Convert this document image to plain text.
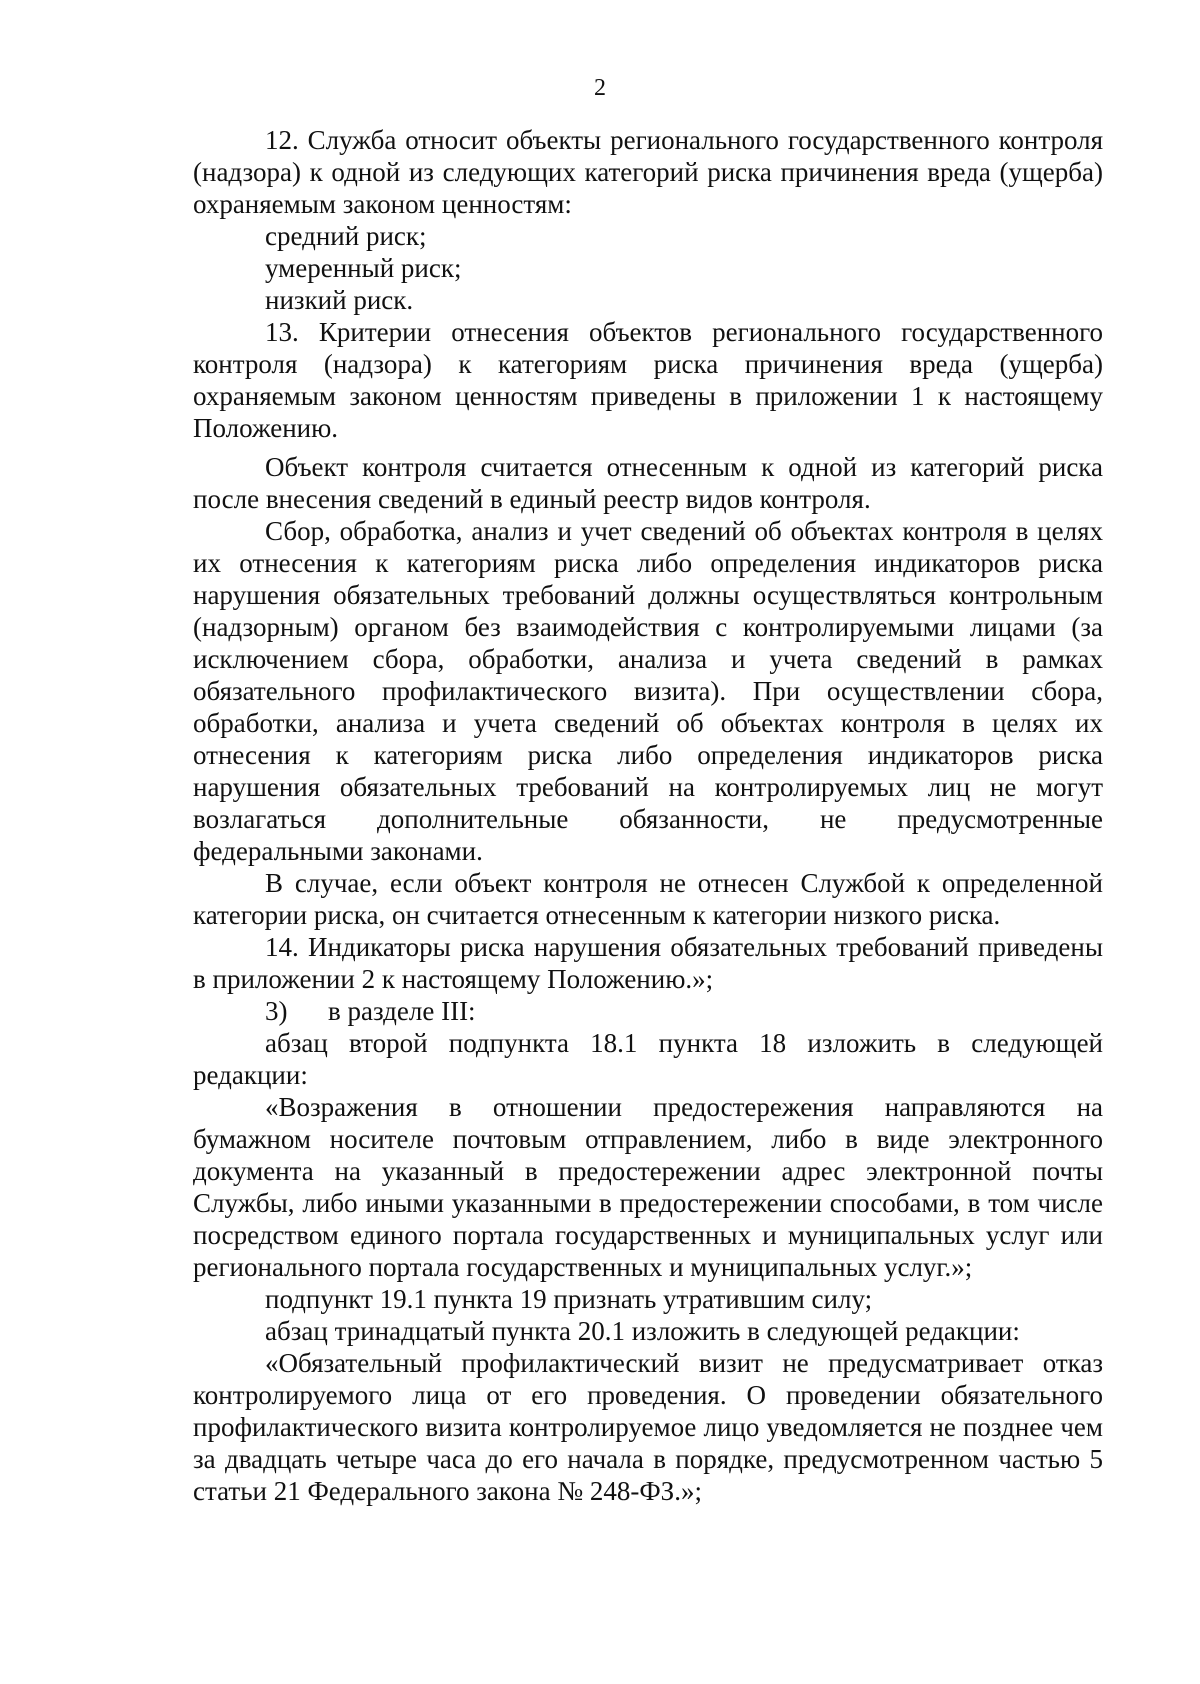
2

12. Служба относит объекты регионального государственного контроля (надзора) к одной из следующих категорий риска причинения вреда (ущерба) охраняемым законом ценностям:

средний риск;

умеренный риск;

низкий риск.

13. Критерии отнесения объектов регионального государственного контроля (надзора) к категориям риска причинения вреда (ущерба) охраняемым законом ценностям приведены в приложении 1 к настоящему Положению.

Объект контроля считается отнесенным к одной из категорий риска после внесения сведений в единый реестр видов контроля.

Сбор, обработка, анализ и учет сведений об объектах контроля в целях их отнесения к категориям риска либо определения индикаторов риска нарушения обязательных требований должны осуществляться контрольным (надзорным) органом без взаимодействия с контролируемыми лицами (за исключением сбора, обработки, анализа и учета сведений в рамках обязательного профилактического визита). При осуществлении сбора, обработки, анализа и учета сведений об объектах контроля в целях их отнесения к категориям риска либо определения индикаторов риска нарушения обязательных требований на контролируемых лиц не могут возлагаться дополнительные обязанности, не предусмотренные федеральными законами.

В случае, если объект контроля не отнесен Службой к определенной категории риска, он считается отнесенным к категории низкого риска.

14. Индикаторы риска нарушения обязательных требований приведены в приложении 2 к настоящему Положению.»;

3)      в разделе III:

абзац второй подпункта 18.1 пункта 18 изложить в следующей редакции:

«Возражения в отношении предостережения направляются на бумажном носителе почтовым отправлением, либо в виде электронного документа на указанный в предостережении адрес электронной почты Службы, либо иными указанными в предостережении способами, в том числе посредством единого портала государственных и муниципальных услуг или регионального портала государственных и муниципальных услуг.»;

подпункт 19.1 пункта 19 признать утратившим силу;

абзац тринадцатый пункта 20.1 изложить в следующей редакции:

«Обязательный профилактический визит не предусматривает отказ контролируемого лица от его проведения. О проведении обязательного профилактического визита контролируемое лицо уведомляется не позднее чем за двадцать четыре часа до его начала в порядке, предусмотренном частью 5 статьи 21 Федерального закона № 248-ФЗ.»;
